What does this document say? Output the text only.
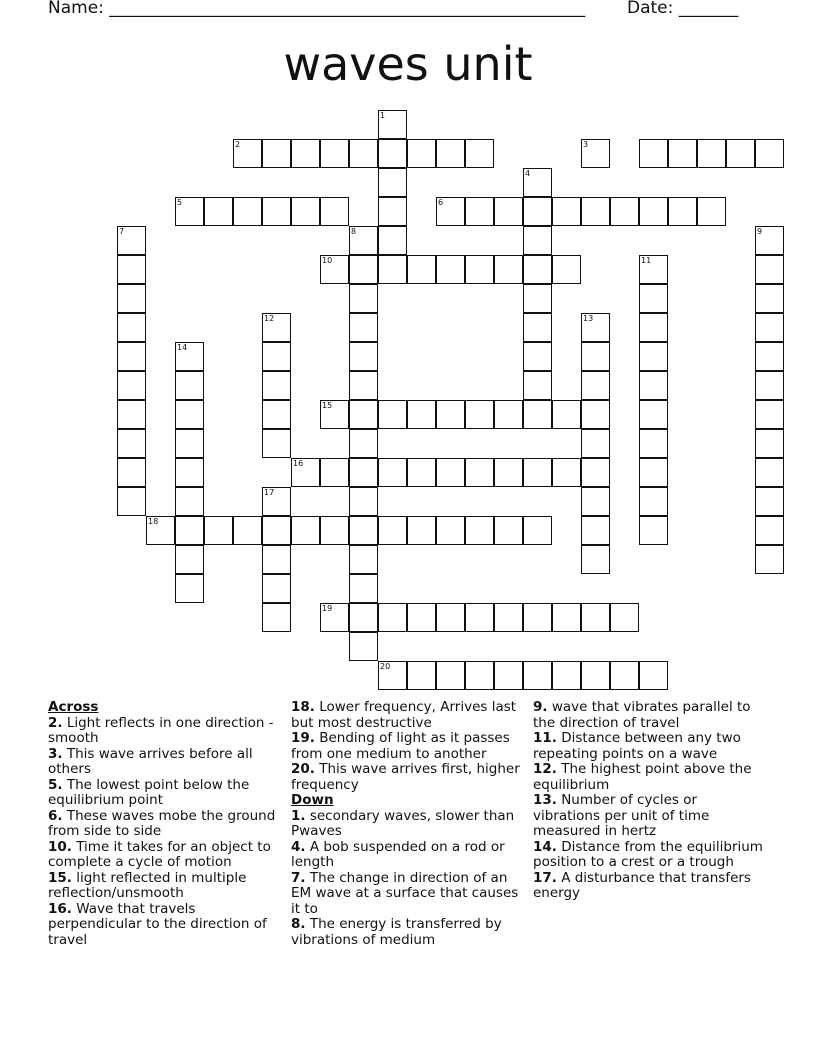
Name: ________________________________________________________ Date: _______
waves unit
1
2	3
4
5	6
7	8	9
10	11
12	13
14
15
16
17
18
19
20
Across
2. Light reflects in one direction -smooth
3. This wave arrives before all others
5. The lowest point below the equilibrium point
6. These waves mobe the ground from side to side
10. Time it takes for an object to complete a cycle of motion
15. light reflected in multiple reflection/unsmooth
16. Wave that travels perpendicular to the direction of travel
18. Lower frequency, Arrives last but most destructive
19. Bending of light as it passes from one medium to another
20. This wave arrives first, higher frequency
Down
1. secondary waves, slower than Pwaves
4. A bob suspended on a rod or length
7. The change in direction of an EM wave at a surface that causes it to
8. The energy is transferred by vibrations of medium
9. wave that vibrates parallel to the direction of travel
11. Distance between any two repeating points on a wave
12. The highest point above the equilibrium
13. Number of cycles or vibrations per unit of time measured in hertz
14. Distance from the equilibrium position to a crest or a trough
17. A disturbance that transfers energy
